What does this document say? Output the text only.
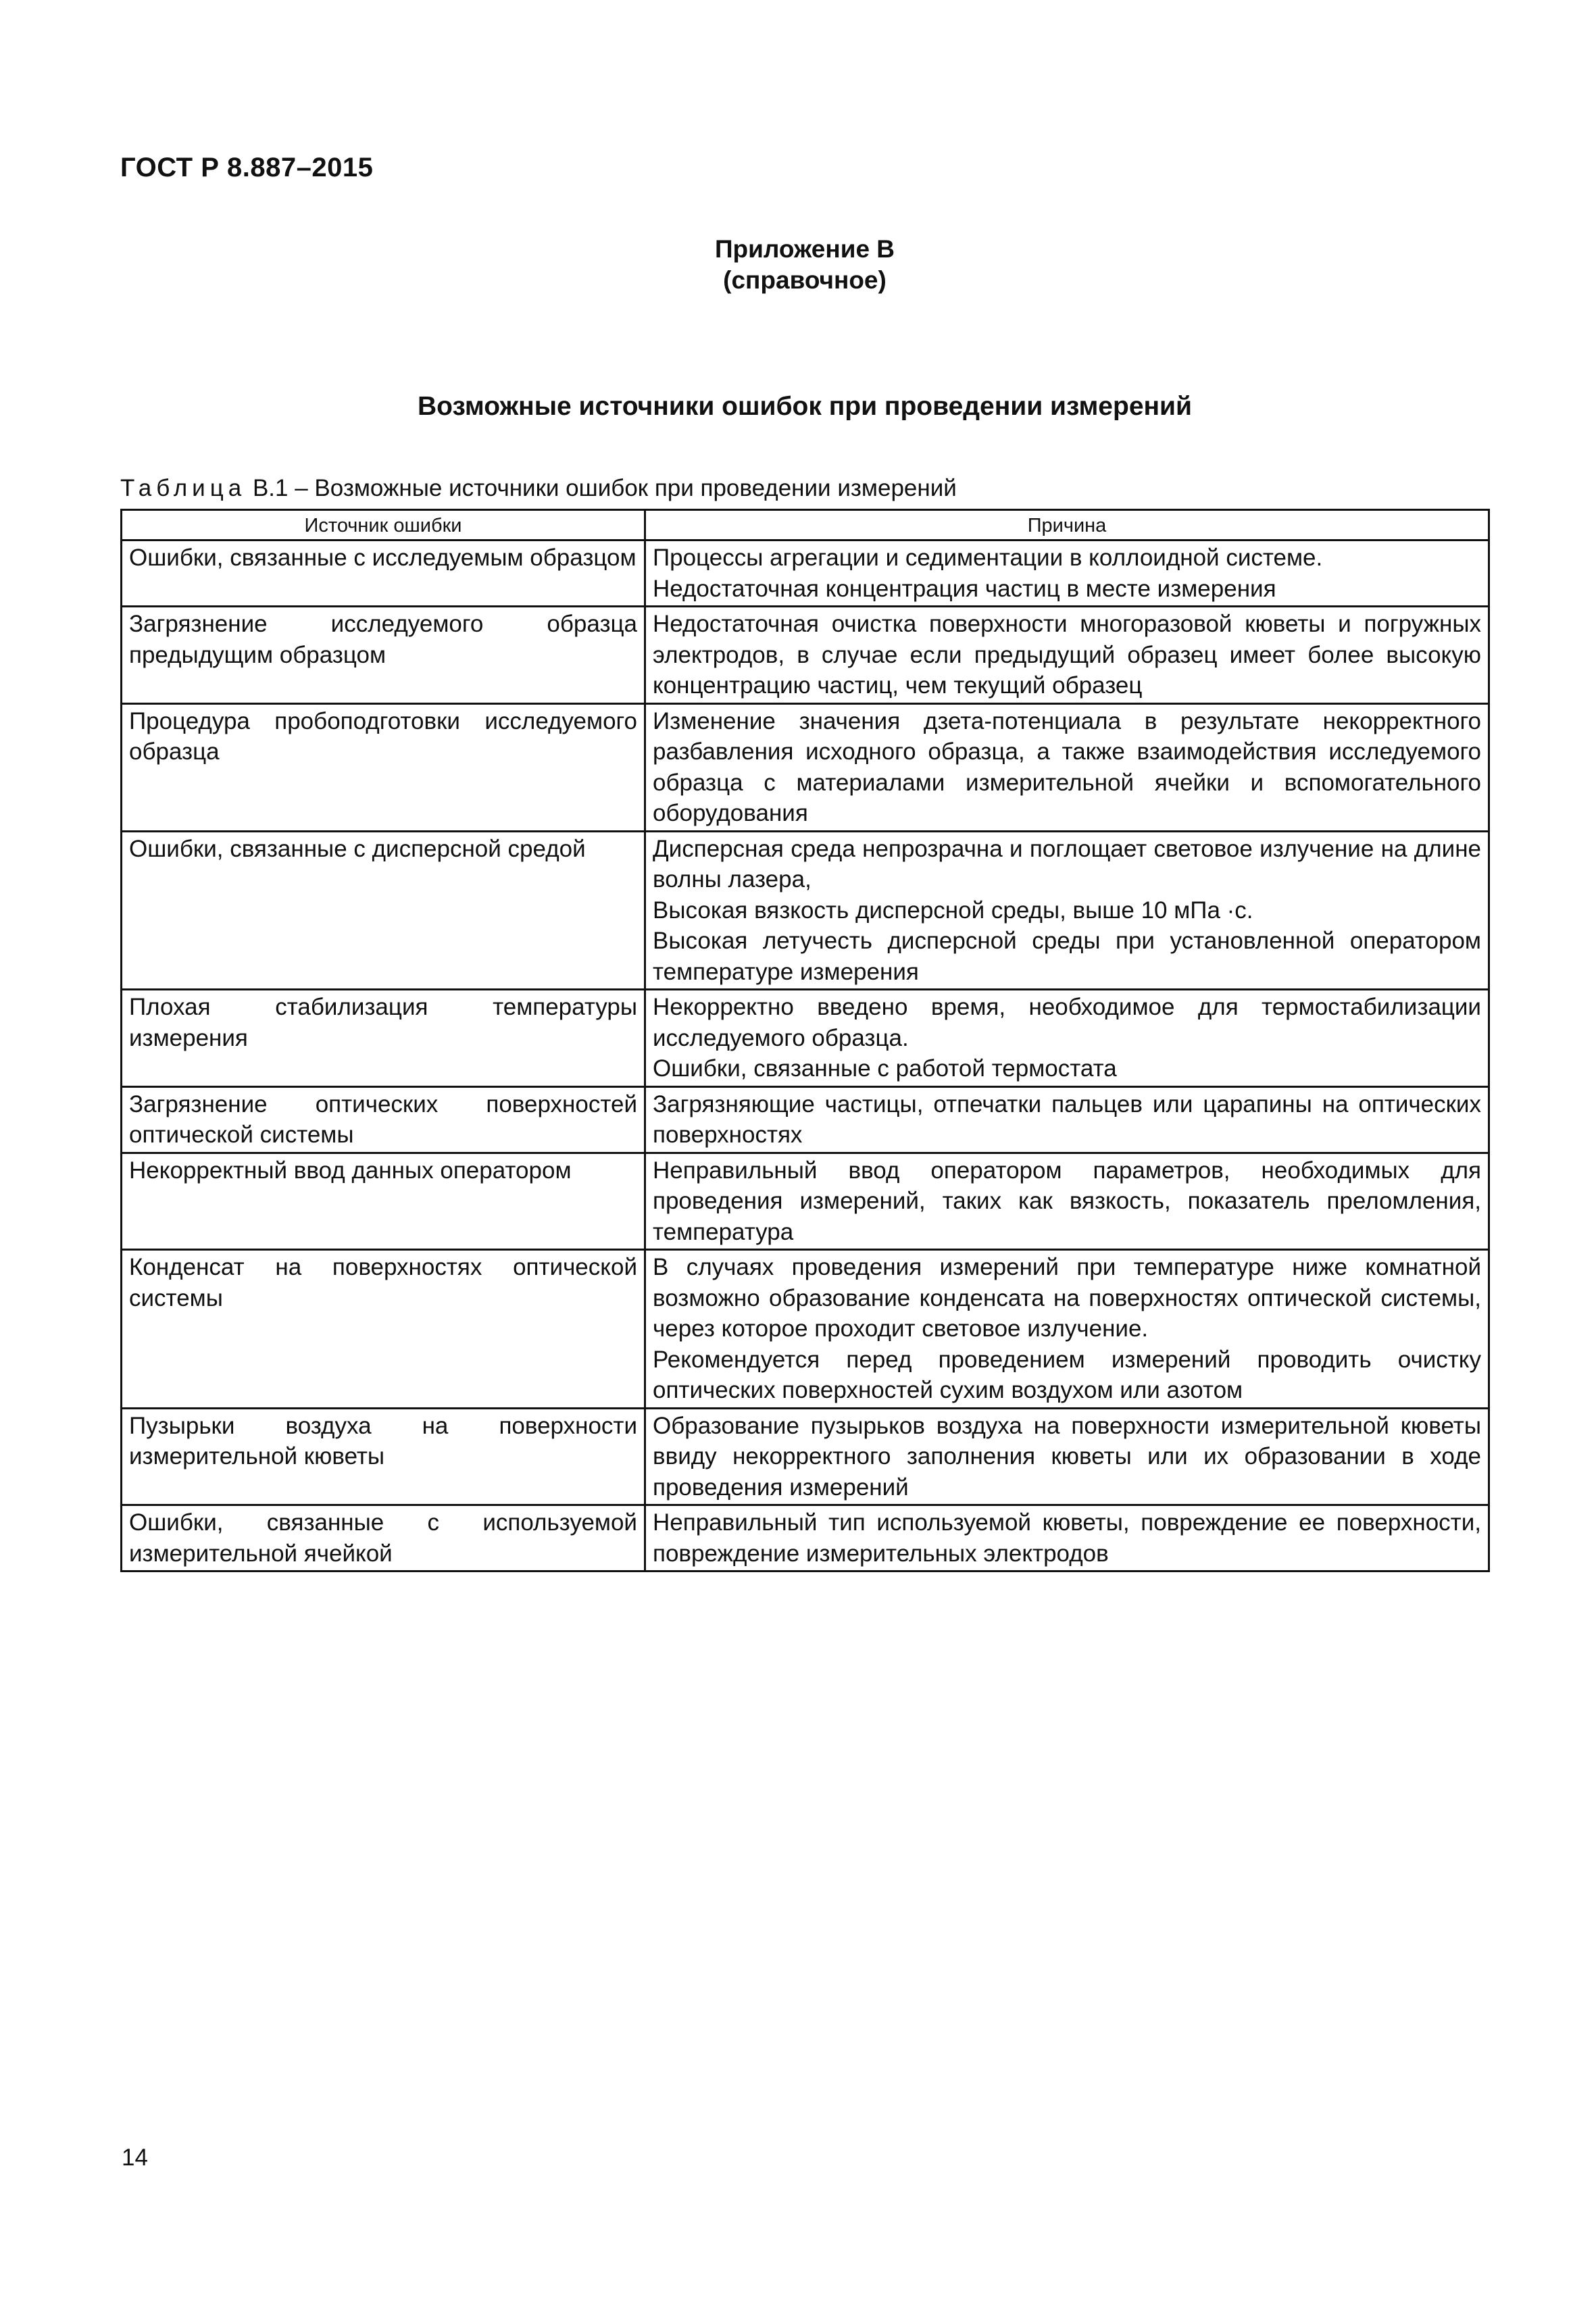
ГОСТ Р 8.887–2015
Приложение В
(справочное)
Возможные источники ошибок при проведении измерений
Таблица В.1 – Возможные источники ошибок при проведении измерений
Источник ошибки	Причина
Ошибки, связанные с исследуемым образцом	Процессы агрегации и седиментации в коллоидной системе.
Недостаточная концентрация частиц в месте измерения

Загрязнение исследуемого образца предыдущим образцом	Недостаточная очистка поверхности многоразовой кюветы и погружных электродов, в случае если предыдущий образец имеет более высокую концентрацию частиц, чем текущий образец

Процедура пробоподготовки исследуемого образца	Изменение значения дзета-потенциала в результате некорректного разбавления исходного образца, а также взаимодействия исследуемого образца с материалами измерительной ячейки и вспомогательного оборудования

Ошибки, связанные с дисперсной средой	Дисперсная среда непрозрачна и поглощает световое излучение на длине волны лазера,
Высокая вязкость дисперсной среды, выше 10 мПа ·с.
Высокая летучесть дисперсной среды при установленной оператором температуре измерения

Плохая стабилизация температуры измерения	Некорректно введено время, необходимое для термостабилизации исследуемого образца.
Ошибки, связанные с работой термостата

Загрязнение оптических поверхностей оптической системы	Загрязняющие частицы, отпечатки пальцев или царапины на оптических поверхностях

Некорректный ввод данных оператором	Неправильный ввод оператором параметров, необходимых для проведения измерений, таких как вязкость, показатель преломления, температура

Конденсат на поверхностях оптической системы	В случаях проведения измерений при температуре ниже комнатной возможно образование конденсата на поверхностях оптической системы, через которое проходит световое излучение.
Рекомендуется перед проведением измерений проводить очистку оптических поверхностей сухим воздухом или азотом

Пузырьки воздуха на поверхности измерительной кюветы	Образование пузырьков воздуха на поверхности измерительной кюветы ввиду некорректного заполнения кюветы или их образовании в ходе проведения измерений

Ошибки, связанные с используемой измерительной ячейкой	Неправильный тип используемой кюветы, повреждение ее поверхности, повреждение измерительных электродов
14
